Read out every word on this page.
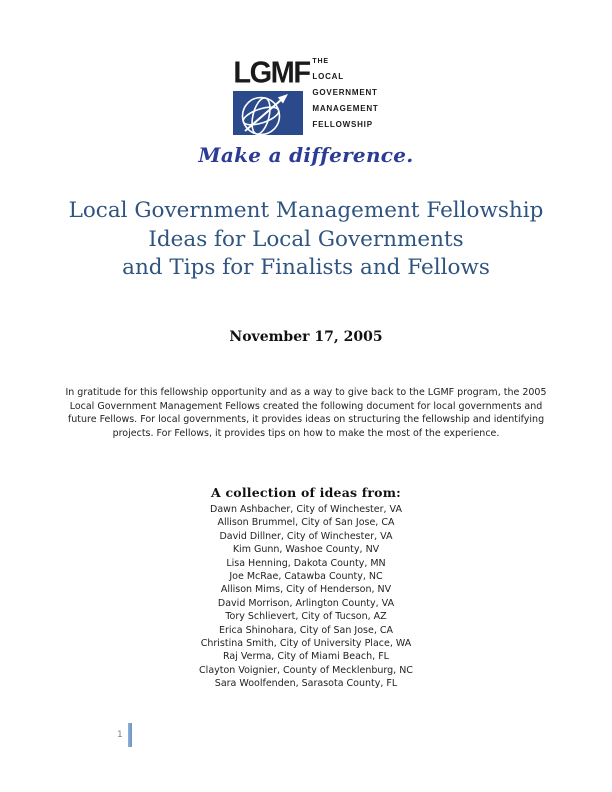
LGMF THE
LOCAL
GOVERNMENT
MANAGEMENT
FELLOWSHIP
Make a difference.
Local Government Management Fellowship
Ideas for Local Governments
and Tips for Finalists and Fellows
November 17, 2005

In gratitude for this fellowship opportunity and as a way to give back to the LGMF program, the 2005 Local Government Management Fellows created the following document for local governments and future Fellows. For local governments, it provides ideas on structuring the fellowship and identifying projects. For Fellows, it provides tips on how to make the most of the experience.

A collection of ideas from:
Dawn Ashbacher, City of Winchester, VA
Allison Brummel, City of San Jose, CA
David Dillner, City of Winchester, VA
Kim Gunn, Washoe County, NV
Lisa Henning, Dakota County, MN
Joe McRae, Catawba County, NC
Allison Mims, City of Henderson, NV
David Morrison, Arlington County, VA
Tory Schlievert, City of Tucson, AZ
Erica Shinohara, City of San Jose, CA
Christina Smith, City of University Place, WA
Raj Verma, City of Miami Beach, FL
Clayton Voignier, County of Mecklenburg, NC
Sara Woolfenden, Sarasota County, FL
1
